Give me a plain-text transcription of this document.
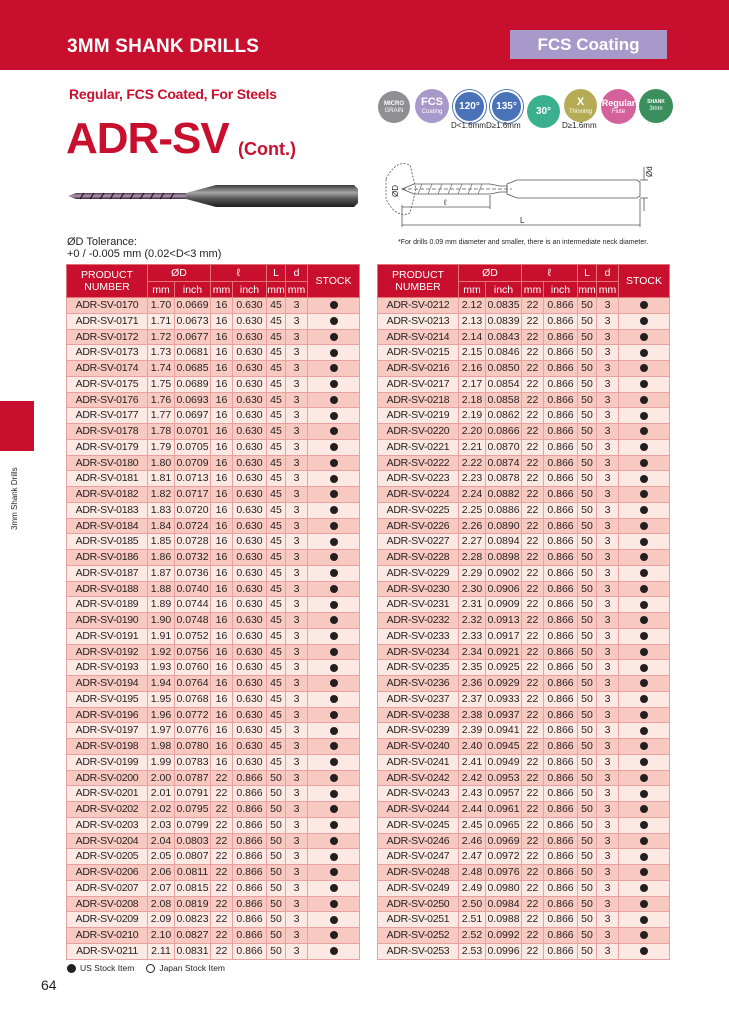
3MM SHANK DRILLS	FCS Coating
Regular, FCS Coated, For Steels
ADR-SV (Cont.)
MICRO
GRAIN
FCS
Coating
120° 135° 30°
X
Thinning
Regular
Flute
SHANK
3mm
D<1.6mm D≥1.6mm	D≥1.6mm
ØD
ℓ
L
Ød
*For drills 0.09 mm diameter and smaller, there is an intermediate neck diameter.
ØD Tolerance:
+0 / -0.005 mm (0.02<D<3 mm)
3mm Shank Drills
PRODUCT NUMBER	ØD		ℓ		L	d	STOCK
	mm	inch	mm	inch	mm	mm	
ADR-SV-0170	1.70	0.0669	16	0.630	45	3	
ADR-SV-0171	1.71	0.0673	16	0.630	45	3	
ADR-SV-0172	1.72	0.0677	16	0.630	45	3	
ADR-SV-0173	1.73	0.0681	16	0.630	45	3	
ADR-SV-0174	1.74	0.0685	16	0.630	45	3	
ADR-SV-0175	1.75	0.0689	16	0.630	45	3	
ADR-SV-0176	1.76	0.0693	16	0.630	45	3	
ADR-SV-0177	1.77	0.0697	16	0.630	45	3	
ADR-SV-0178	1.78	0.0701	16	0.630	45	3	
ADR-SV-0179	1.79	0.0705	16	0.630	45	3	
ADR-SV-0180	1.80	0.0709	16	0.630	45	3	
ADR-SV-0181	1.81	0.0713	16	0.630	45	3	
ADR-SV-0182	1.82	0.0717	16	0.630	45	3	
ADR-SV-0183	1.83	0.0720	16	0.630	45	3	
ADR-SV-0184	1.84	0.0724	16	0.630	45	3	
ADR-SV-0185	1.85	0.0728	16	0.630	45	3	
ADR-SV-0186	1.86	0.0732	16	0.630	45	3	
ADR-SV-0187	1.87	0.0736	16	0.630	45	3	
ADR-SV-0188	1.88	0.0740	16	0.630	45	3	
ADR-SV-0189	1.89	0.0744	16	0.630	45	3	
ADR-SV-0190	1.90	0.0748	16	0.630	45	3	
ADR-SV-0191	1.91	0.0752	16	0.630	45	3	
ADR-SV-0192	1.92	0.0756	16	0.630	45	3	
ADR-SV-0193	1.93	0.0760	16	0.630	45	3	
ADR-SV-0194	1.94	0.0764	16	0.630	45	3	
ADR-SV-0195	1.95	0.0768	16	0.630	45	3	
ADR-SV-0196	1.96	0.0772	16	0.630	45	3	
ADR-SV-0197	1.97	0.0776	16	0.630	45	3	
ADR-SV-0198	1.98	0.0780	16	0.630	45	3	
ADR-SV-0199	1.99	0.0783	16	0.630	45	3	
ADR-SV-0200	2.00	0.0787	22	0.866	50	3	
ADR-SV-0201	2.01	0.0791	22	0.866	50	3	
ADR-SV-0202	2.02	0.0795	22	0.866	50	3	
ADR-SV-0203	2.03	0.0799	22	0.866	50	3	
ADR-SV-0204	2.04	0.0803	22	0.866	50	3	
ADR-SV-0205	2.05	0.0807	22	0.866	50	3	
ADR-SV-0206	2.06	0.0811	22	0.866	50	3	
ADR-SV-0207	2.07	0.0815	22	0.866	50	3	
ADR-SV-0208	2.08	0.0819	22	0.866	50	3	
ADR-SV-0209	2.09	0.0823	22	0.866	50	3	
ADR-SV-0210	2.10	0.0827	22	0.866	50	3	
ADR-SV-0211	2.11	0.0831	22	0.866	50	3	
PRODUCT NUMBER	ØD		ℓ		L	d	STOCK
	mm	inch	mm	inch	mm	mm	
ADR-SV-0212	2.12	0.0835	22	0.866	50	3	
ADR-SV-0213	2.13	0.0839	22	0.866	50	3	
ADR-SV-0214	2.14	0.0843	22	0.866	50	3	
ADR-SV-0215	2.15	0.0846	22	0.866	50	3	
ADR-SV-0216	2.16	0.0850	22	0.866	50	3	
ADR-SV-0217	2.17	0.0854	22	0.866	50	3	
ADR-SV-0218	2.18	0.0858	22	0.866	50	3	
ADR-SV-0219	2.19	0.0862	22	0.866	50	3	
ADR-SV-0220	2.20	0.0866	22	0.866	50	3	
ADR-SV-0221	2.21	0.0870	22	0.866	50	3	
ADR-SV-0222	2.22	0.0874	22	0.866	50	3	
ADR-SV-0223	2.23	0.0878	22	0.866	50	3	
ADR-SV-0224	2.24	0.0882	22	0.866	50	3	
ADR-SV-0225	2.25	0.0886	22	0.866	50	3	
ADR-SV-0226	2.26	0.0890	22	0.866	50	3	
ADR-SV-0227	2.27	0.0894	22	0.866	50	3	
ADR-SV-0228	2.28	0.0898	22	0.866	50	3	
ADR-SV-0229	2.29	0.0902	22	0.866	50	3	
ADR-SV-0230	2.30	0.0906	22	0.866	50	3	
ADR-SV-0231	2.31	0.0909	22	0.866	50	3	
ADR-SV-0232	2.32	0.0913	22	0.866	50	3	
ADR-SV-0233	2.33	0.0917	22	0.866	50	3	
ADR-SV-0234	2.34	0.0921	22	0.866	50	3	
ADR-SV-0235	2.35	0.0925	22	0.866	50	3	
ADR-SV-0236	2.36	0.0929	22	0.866	50	3	
ADR-SV-0237	2.37	0.0933	22	0.866	50	3	
ADR-SV-0238	2.38	0.0937	22	0.866	50	3	
ADR-SV-0239	2.39	0.0941	22	0.866	50	3	
ADR-SV-0240	2.40	0.0945	22	0.866	50	3	
ADR-SV-0241	2.41	0.0949	22	0.866	50	3	
ADR-SV-0242	2.42	0.0953	22	0.866	50	3	
ADR-SV-0243	2.43	0.0957	22	0.866	50	3	
ADR-SV-0244	2.44	0.0961	22	0.866	50	3	
ADR-SV-0245	2.45	0.0965	22	0.866	50	3	
ADR-SV-0246	2.46	0.0969	22	0.866	50	3	
ADR-SV-0247	2.47	0.0972	22	0.866	50	3	
ADR-SV-0248	2.48	0.0976	22	0.866	50	3	
ADR-SV-0249	2.49	0.0980	22	0.866	50	3	
ADR-SV-0250	2.50	0.0984	22	0.866	50	3	
ADR-SV-0251	2.51	0.0988	22	0.866	50	3	
ADR-SV-0252	2.52	0.0992	22	0.866	50	3	
ADR-SV-0253	2.53	0.0996	22	0.866	50	3	
US Stock Item	Japan Stock Item
64
